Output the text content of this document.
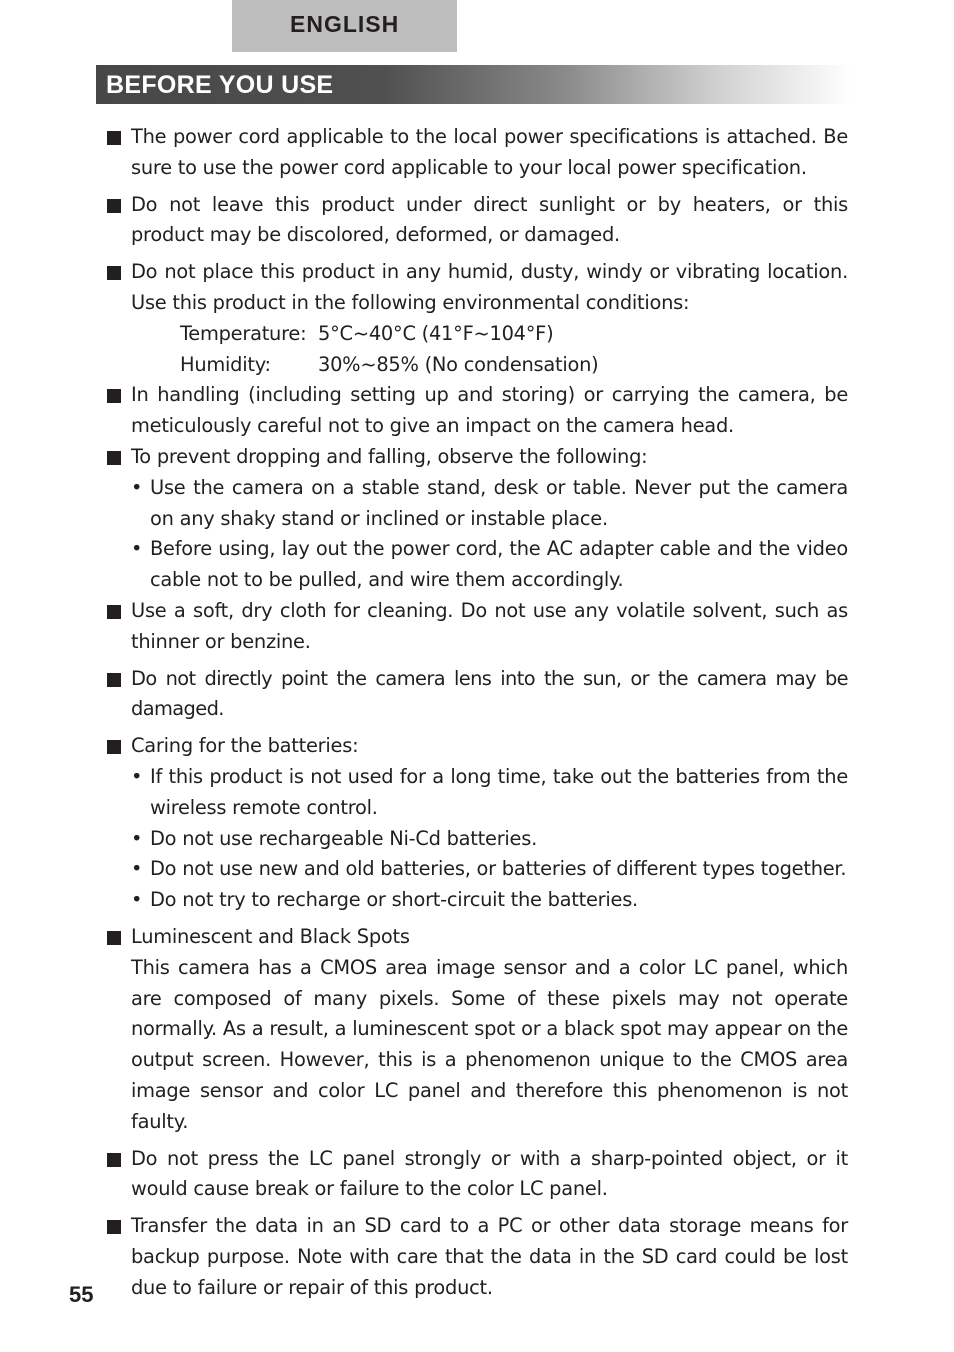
ENGLISH
BEFORE YOU USE
The power cord applicable to the local power specifications is attached. Be sure to use the power cord applicable to your local power specification.
Do not leave this product under direct sunlight or by heaters, or this product may be discolored, deformed, or damaged.
Do not place this product in any humid, dusty, windy or vibrating location. Use this product in the following environmental conditions:
Temperature: 5°C~40°C (41°F~104°F)
Humidity:	30%~85% (No condensation)
In handling (including setting up and storing) or carrying the camera, be meticulously careful not to give an impact on the camera head.
To prevent dropping and falling, observe the following:
• Use the camera on a stable stand, desk or table. Never put the camera on any shaky stand or inclined or instable place.
• Before using, lay out the power cord, the AC adapter cable and the video cable not to be pulled, and wire them accordingly.
Use a soft, dry cloth for cleaning. Do not use any volatile solvent, such as thinner or benzine.
Do not directly point the camera lens into the sun, or the camera may be damaged.
Caring for the batteries:
• If this product is not used for a long time, take out the batteries from the wireless remote control.
• Do not use rechargeable Ni-Cd batteries.
• Do not use new and old batteries, or batteries of different types together.
• Do not try to recharge or short-circuit the batteries.
Luminescent and Black Spots
This camera has a CMOS area image sensor and a color LC panel, which are composed of many pixels. Some of these pixels may not operate normally. As a result, a luminescent spot or a black spot may appear on the output screen. However, this is a phenomenon unique to the CMOS area image sensor and color LC panel and therefore this phenomenon is not faulty.
Do not press the LC panel strongly or with a sharp-pointed object, or it would cause break or failure to the color LC panel.
Transfer the data in an SD card to a PC or other data storage means for backup purpose. Note with care that the data in the SD card could be lost due to failure or repair of this product.
55
